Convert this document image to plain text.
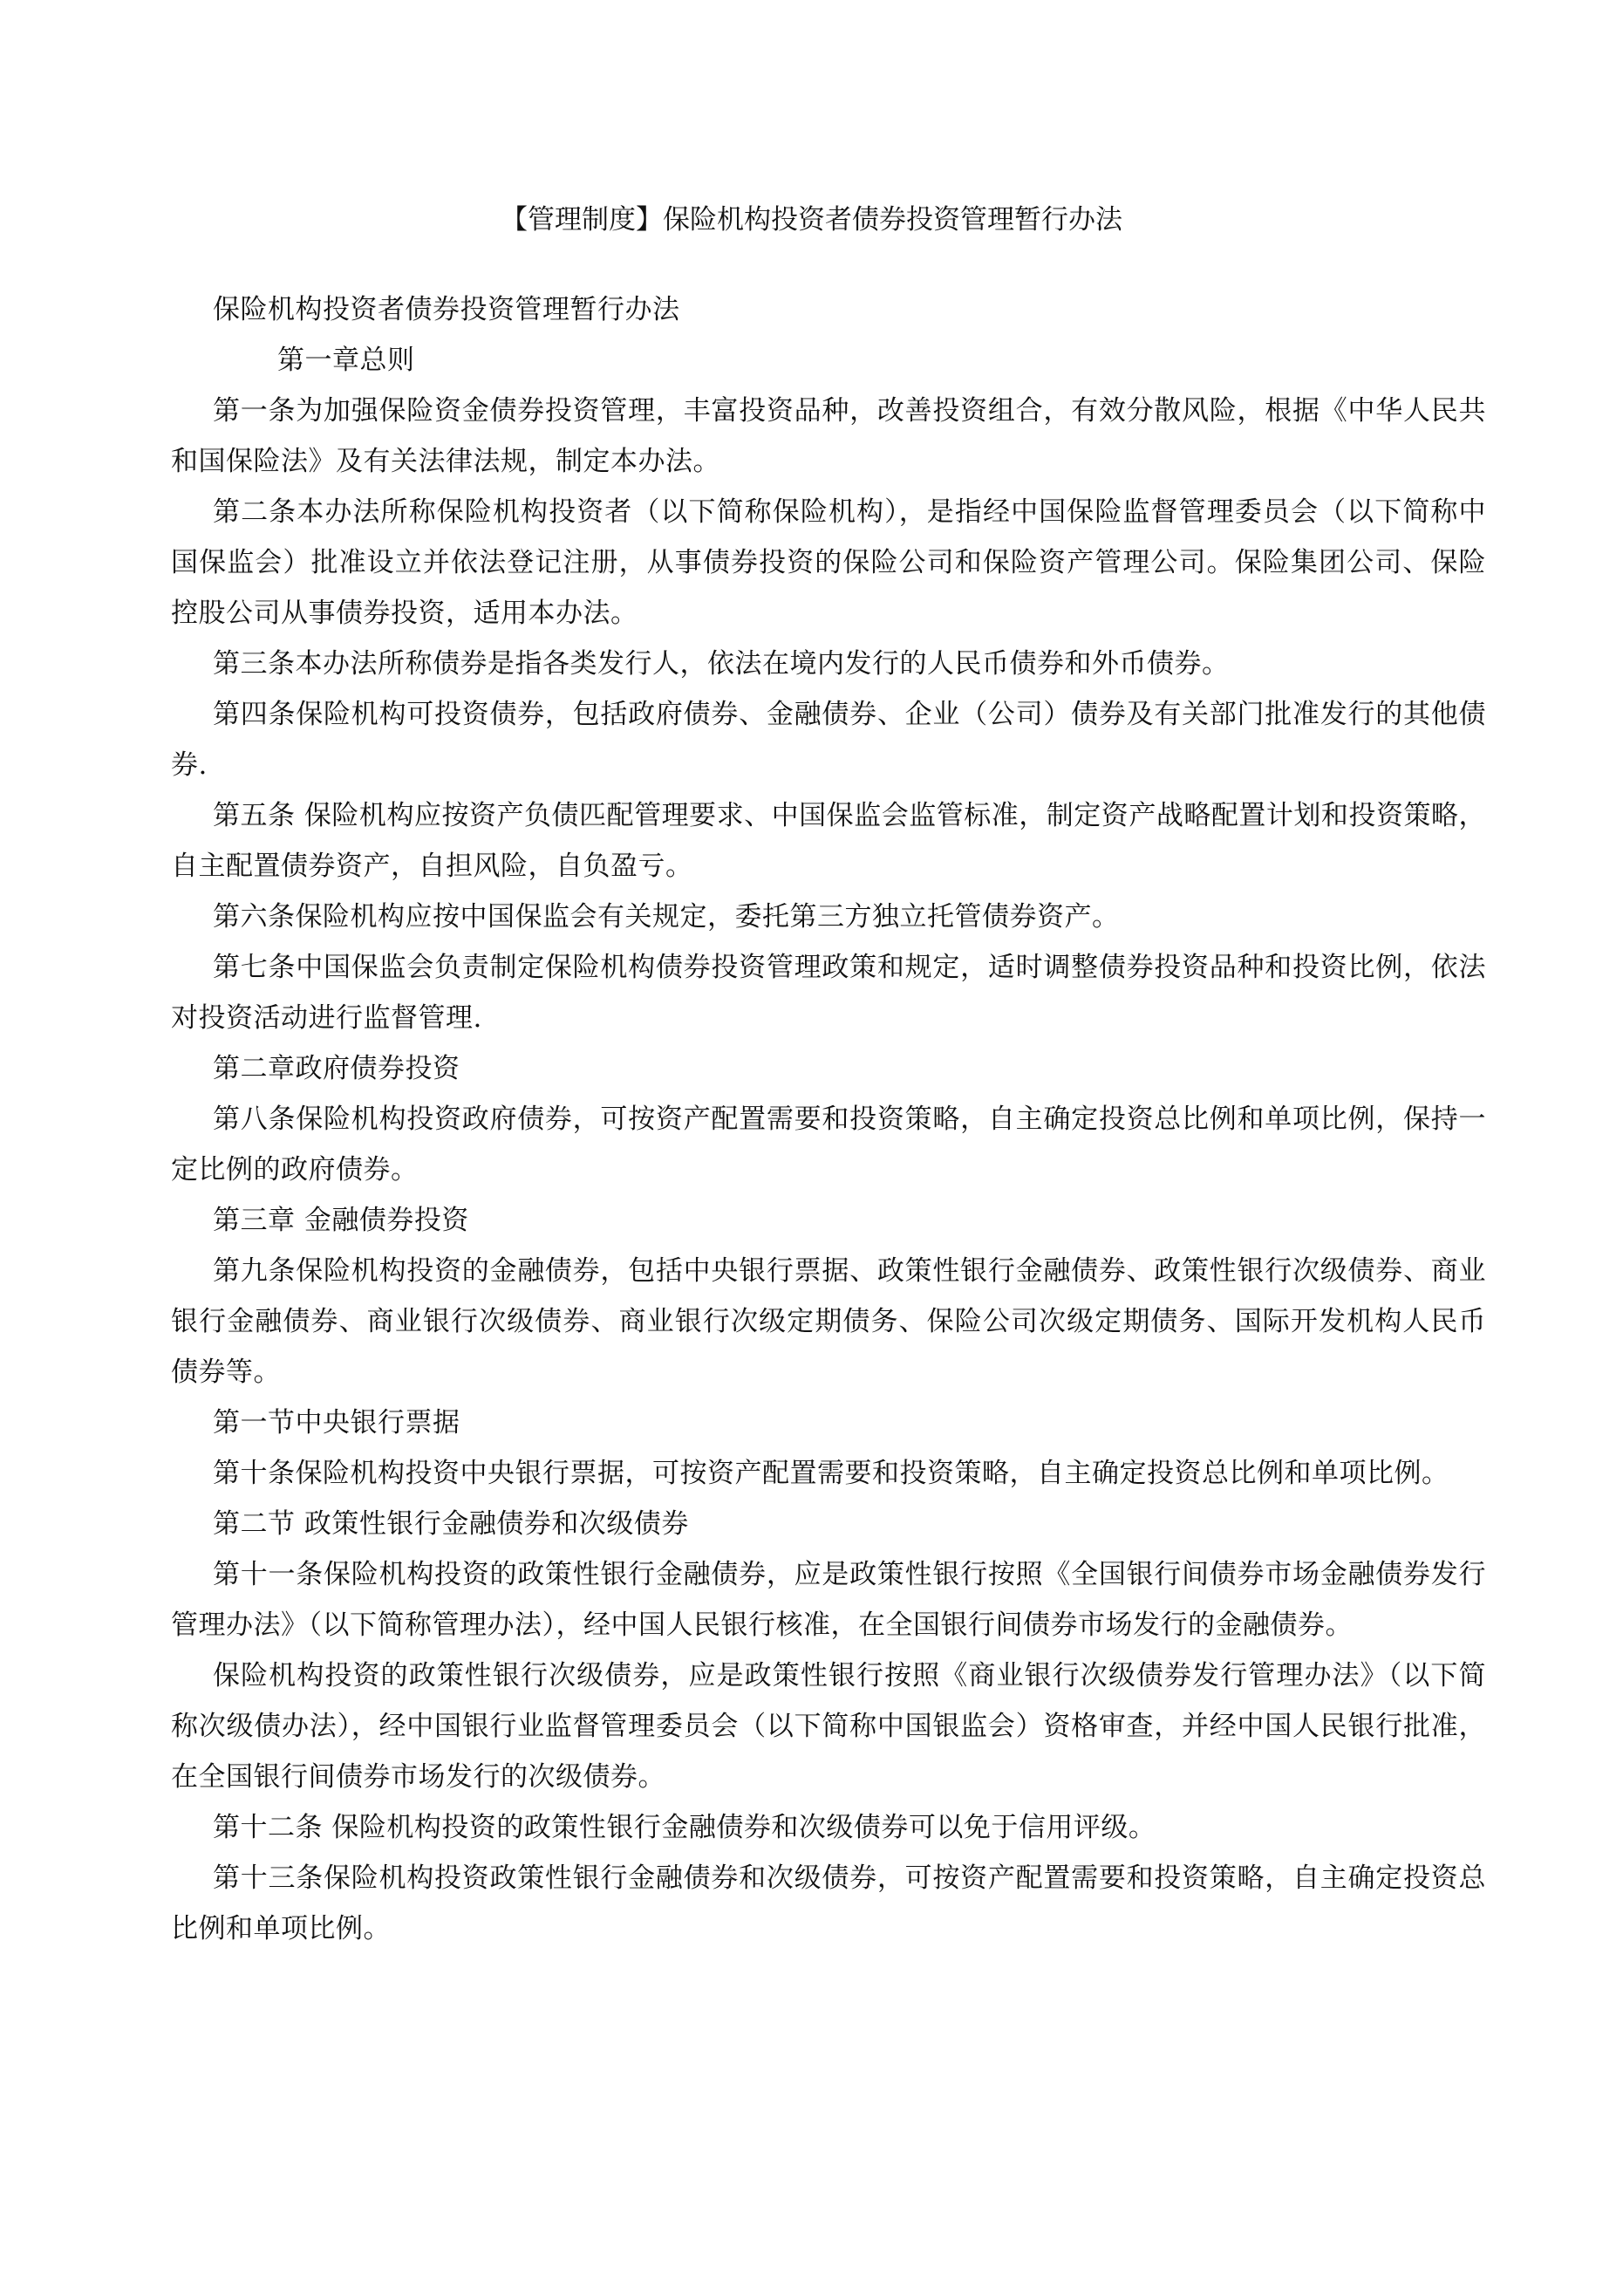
【管理制度】保险机构投资者债券投资管理暂行办法

保险机构投资者债券投资管理暂行办法

第一章总则

第一条为加强保险资金债券投资管理，丰富投资品种，改善投资组合，有效分散风险，根据《中华人民共和国保险法》及有关法律法规，制定本办法。

第二条本办法所称保险机构投资者（以下简称保险机构），是指经中国保险监督管理委员会（以下简称中国保监会）批准设立并依法登记注册，从事债券投资的保险公司和保险资产管理公司。保险集团公司、保险控股公司从事债券投资，适用本办法。

第三条本办法所称债券是指各类发行人，依法在境内发行的人民币债券和外币债券。

第四条保险机构可投资债券，包括政府债券、金融债券、企业（公司）债券及有关部门批准发行的其他债券.

第五条 保险机构应按资产负债匹配管理要求、中国保监会监管标准，制定资产战略配置计划和投资策略，自主配置债券资产，自担风险，自负盈亏。

第六条保险机构应按中国保监会有关规定，委托第三方独立托管债券资产。

第七条中国保监会负责制定保险机构债券投资管理政策和规定，适时调整债券投资品种和投资比例，依法对投资活动进行监督管理.

第二章政府债券投资

第八条保险机构投资政府债券，可按资产配置需要和投资策略，自主确定投资总比例和单项比例，保持一定比例的政府债券。

第三章 金融债券投资

第九条保险机构投资的金融债券，包括中央银行票据、政策性银行金融债券、政策性银行次级债券、商业银行金融债券、商业银行次级债券、商业银行次级定期债务、保险公司次级定期债务、国际开发机构人民币债券等。

第一节中央银行票据

第十条保险机构投资中央银行票据，可按资产配置需要和投资策略，自主确定投资总比例和单项比例。

第二节 政策性银行金融债券和次级债券

第十一条保险机构投资的政策性银行金融债券，应是政策性银行按照《全国银行间债券市场金融债券发行管理办法》（以下简称管理办法），经中国人民银行核准，在全国银行间债券市场发行的金融债券。

保险机构投资的政策性银行次级债券，应是政策性银行按照《商业银行次级债券发行管理办法》（以下简称次级债办法），经中国银行业监督管理委员会（以下简称中国银监会）资格审查，并经中国人民银行批准，在全国银行间债券市场发行的次级债券。

第十二条 保险机构投资的政策性银行金融债券和次级债券可以免于信用评级。

第十三条保险机构投资政策性银行金融债券和次级债券，可按资产配置需要和投资策略，自主确定投资总比例和单项比例。
